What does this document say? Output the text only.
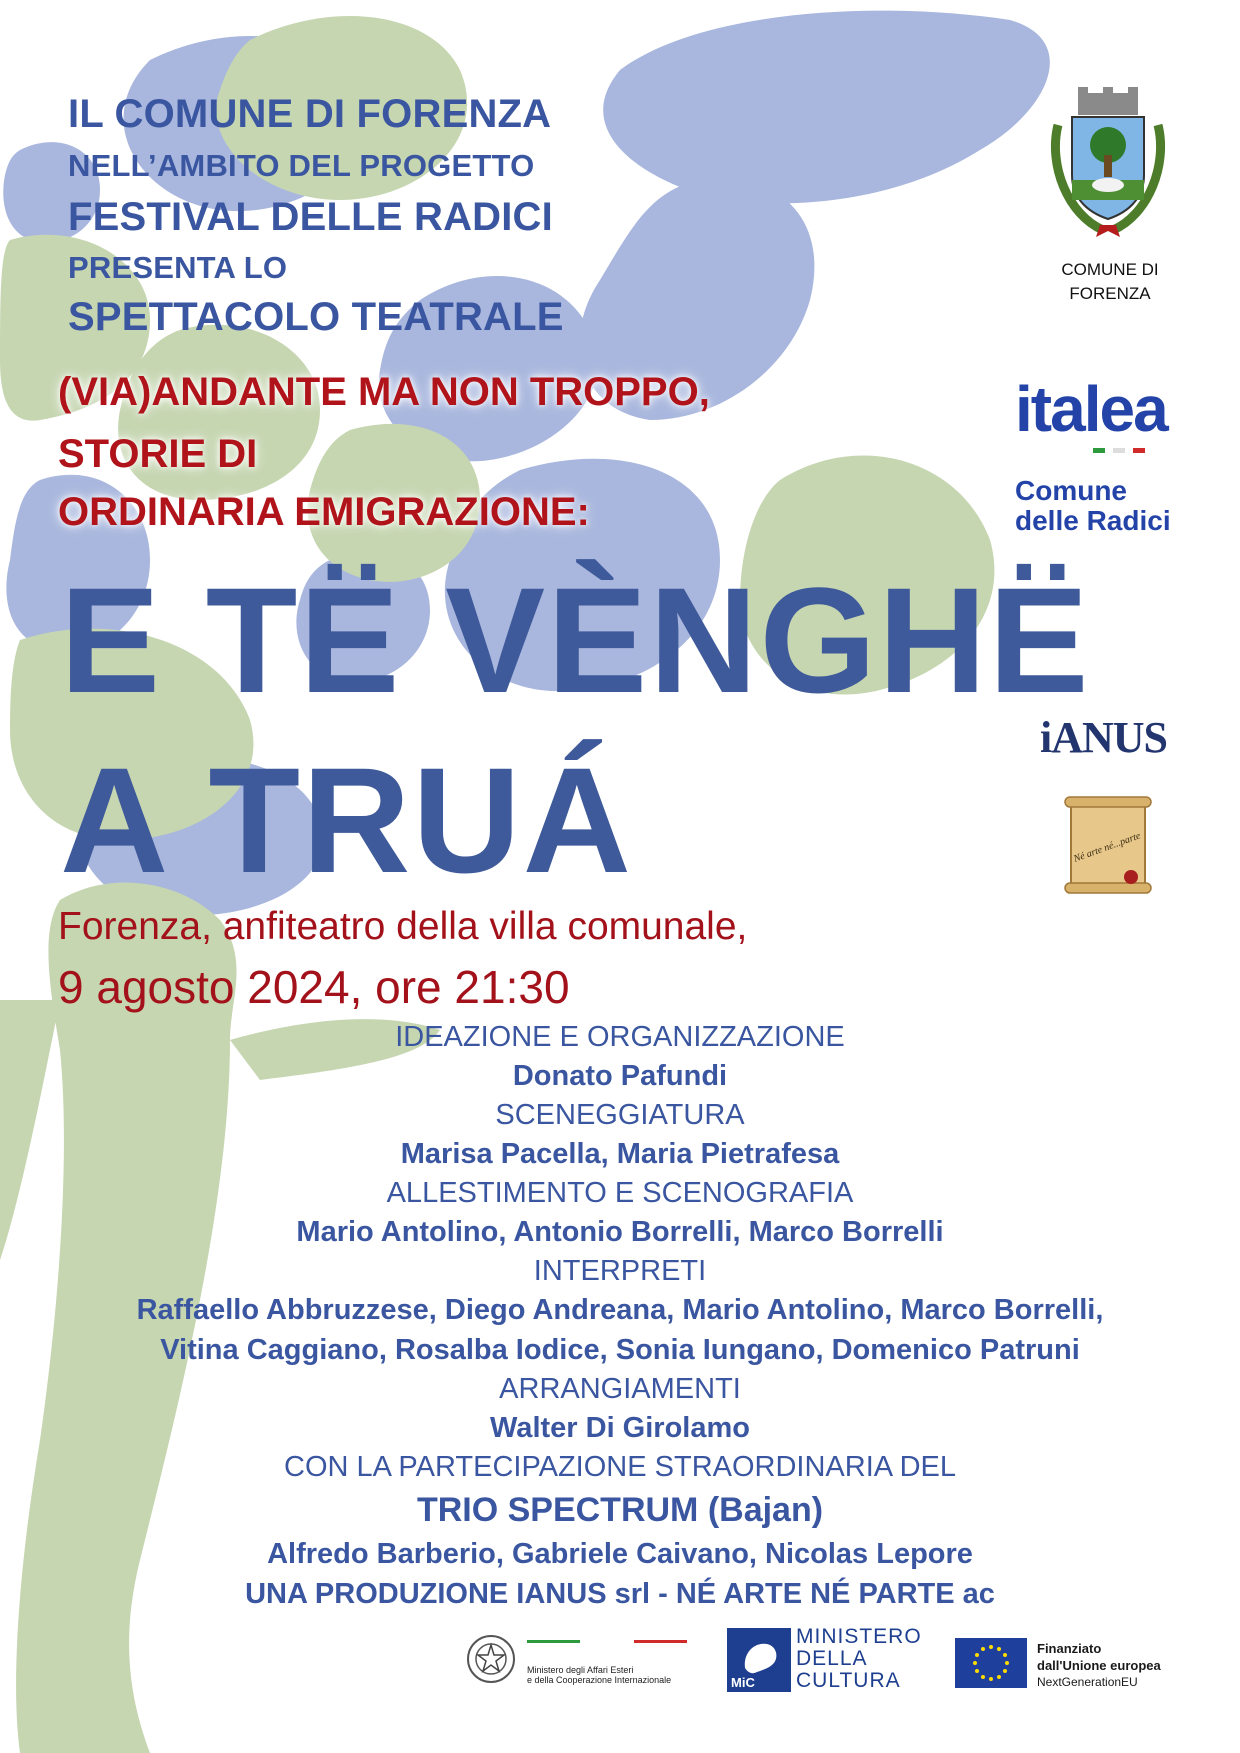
IL COMUNE DI FORENZA
NELL’AMBITO DEL PROGETTO
FESTIVAL DELLE RADICI
PRESENTA LO
SPETTACOLO TEATRALE
(VIA)ANDANTE MA NON TROPPO,
STORIE DI
ORDINARIA EMIGRAZIONE:
E TË VÈNGHË
A TRUÁ
Forenza, anfiteatro della villa comunale,
9 agosto 2024, ore 21:30
IDEAZIONE E ORGANIZZAZIONE
Donato Pafundi
SCENEGGIATURA
Marisa Pacella, Maria Pietrafesa
ALLESTIMENTO E SCENOGRAFIA
Mario Antolino, Antonio Borrelli, Marco Borrelli
INTERPRETI
Raffaello Abbruzzese, Diego Andreana, Mario Antolino, Marco Borrelli,
Vitina Caggiano, Rosalba Iodice, Sonia Iungano, Domenico Patruni
ARRANGIAMENTI
Walter Di Girolamo
CON LA PARTECIPAZIONE STRAORDINARIA DEL
TRIO SPECTRUM (Bajan)
Alfredo Barberio, Gabriele Caivano, Nicolas Lepore
UNA PRODUZIONE IANUS srl - NÉ ARTE NÉ PARTE ac
COMUNE DI
FORENZA
italea
Comune
delle Radici
iANUS
Né arte né...parte
Ministero degli Affari Esteri
e della Cooperazione Internazionale	MiC
MINISTERO
DELLA
CULTURA
Finanziato
dall'Unione europea
NextGenerationEU
